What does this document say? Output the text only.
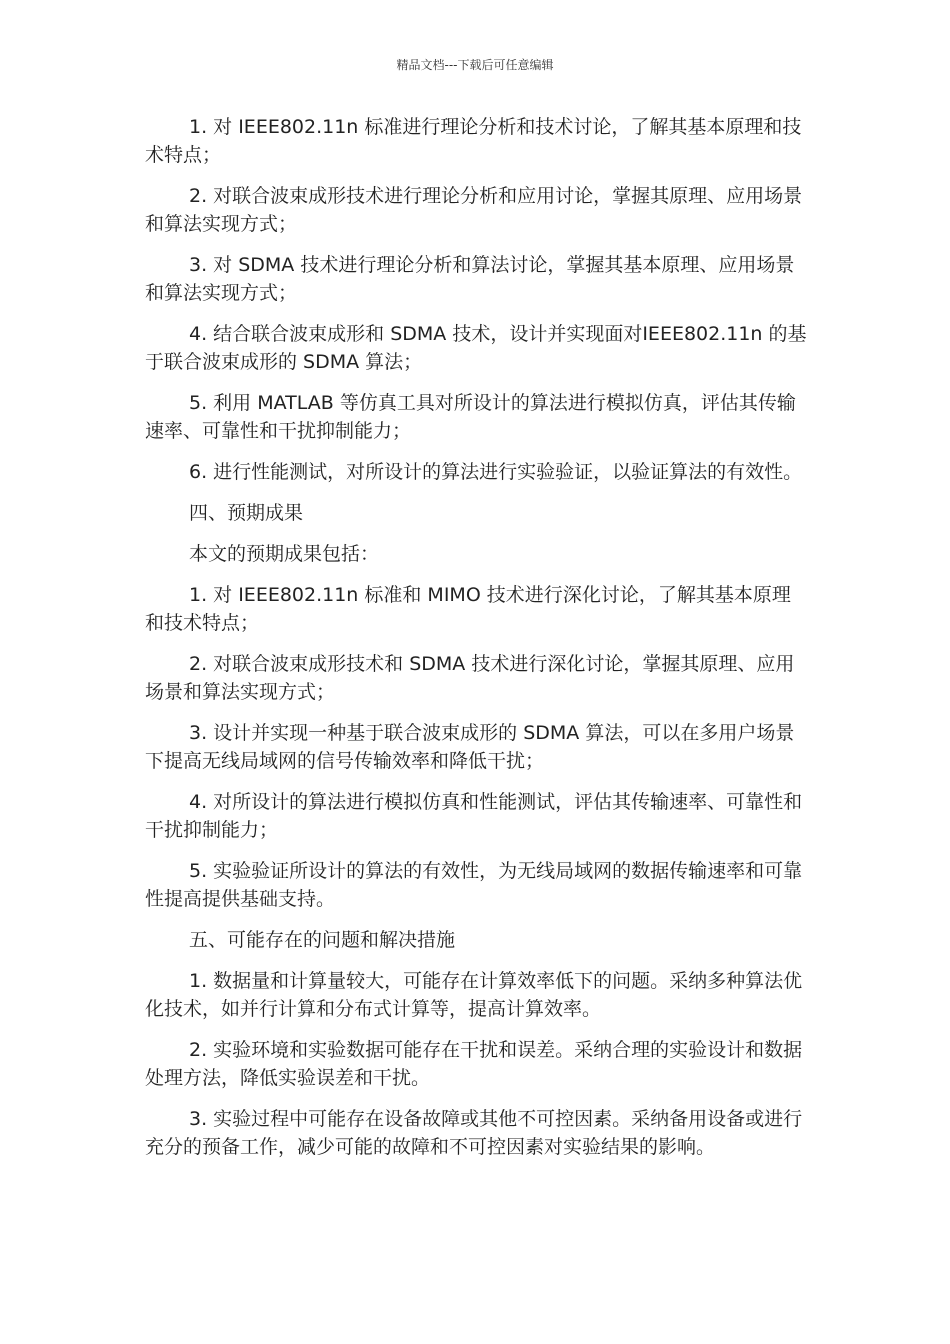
精品文档---下载后可任意编辑

1. 对 IEEE802.11n 标准进行理论分析和技术讨论，了解其基本原理和技术特点；

2. 对联合波束成形技术进行理论分析和应用讨论，掌握其原理、应用场景和算法实现方式；

3. 对 SDMA 技术进行理论分析和算法讨论，掌握其基本原理、应用场景和算法实现方式；

4. 结合联合波束成形和 SDMA 技术，设计并实现面对IEEE802.11n 的基于联合波束成形的 SDMA 算法；

5. 利用 MATLAB 等仿真工具对所设计的算法进行模拟仿真，评估其传输速率、可靠性和干扰抑制能力；

6. 进行性能测试，对所设计的算法进行实验验证，以验证算法的有效性。

四、预期成果

本文的预期成果包括：

1. 对 IEEE802.11n 标准和 MIMO 技术进行深化讨论，了解其基本原理和技术特点；

2. 对联合波束成形技术和 SDMA 技术进行深化讨论，掌握其原理、应用场景和算法实现方式；

3. 设计并实现一种基于联合波束成形的 SDMA 算法，可以在多用户场景下提高无线局域网的信号传输效率和降低干扰；

4. 对所设计的算法进行模拟仿真和性能测试，评估其传输速率、可靠性和干扰抑制能力；

5. 实验验证所设计的算法的有效性，为无线局域网的数据传输速率和可靠性提高提供基础支持。

五、可能存在的问题和解决措施

1. 数据量和计算量较大，可能存在计算效率低下的问题。采纳多种算法优化技术，如并行计算和分布式计算等，提高计算效率。

2. 实验环境和实验数据可能存在干扰和误差。采纳合理的实验设计和数据处理方法，降低实验误差和干扰。

3. 实验过程中可能存在设备故障或其他不可控因素。采纳备用设备或进行充分的预备工作，减少可能的故障和不可控因素对实验结果的影响。
